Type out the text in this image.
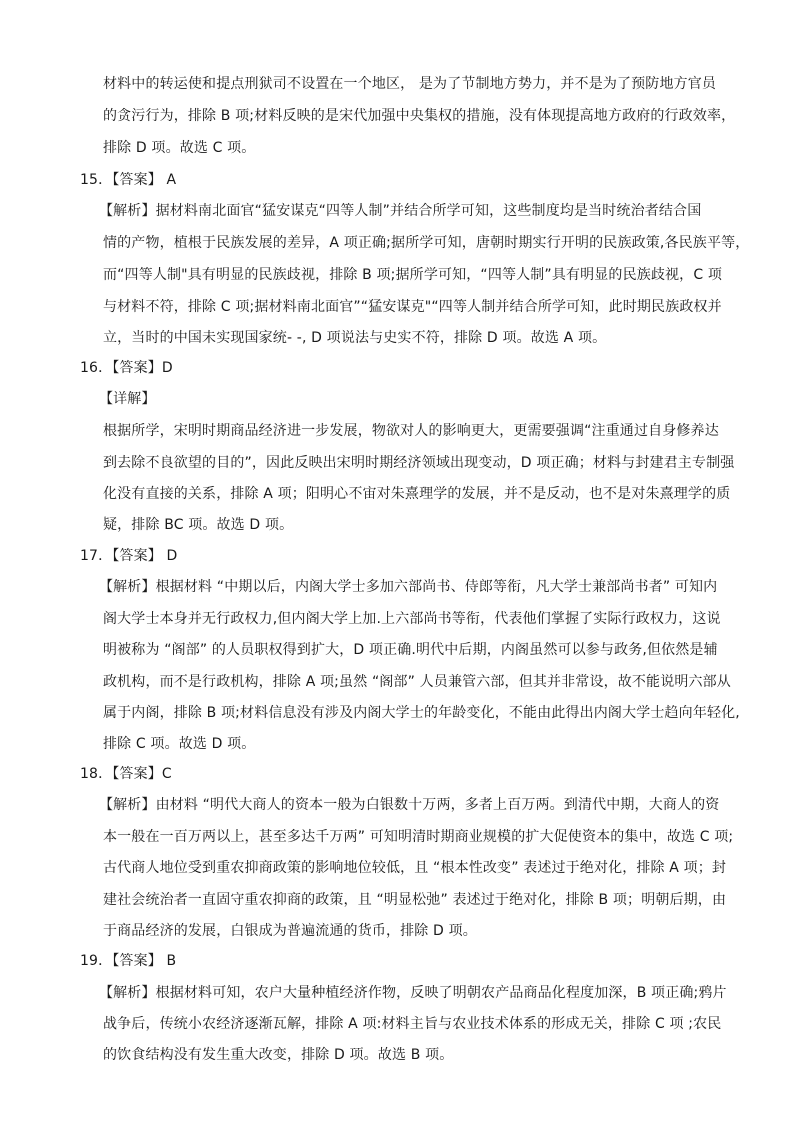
材料中的转运使和提点刑狱司不设置在一个地区， 是为了节制地方势力，并不是为了预防地方官员
的贪污行为，排除 B 项;材料反映的是宋代加强中央集权的措施，没有体现提高地方政府的行政效率，
排除 D 项。故选 C 项。
15．【答案】 A
【解析】据材料南北面官“猛安谋克“四等人制”并结合所学可知，这些制度均是当时统治者结合国
情的产物，植根于民族发展的差异，A 项正确;据所学可知，唐朝时期实行开明的民族政策,各民族平等，
而“四等人制"具有明显的民族歧视，排除 B 项;据所学可知，“四等人制”具有明显的民族歧视，C 项
与材料不符，排除 C 项;据材料南北面官”“猛安谋克"“四等人制并结合所学可知，此时期民族政权并
立，当时的中国未实现国家统- -, D 项说法与史实不符，排除 D 项。故选 A 项。
16．【答案】D
【详解】
根据所学，宋明时期商品经济进一步发展，物欲对人的影响更大，更需要强调“注重通过自身修养达
到去除不良欲望的目的”，因此反映出宋明时期经济领域出现变动，D 项正确；材料与封建君主专制强
化没有直接的关系，排除 A 项；阳明心不宙对朱熹理学的发展，并不是反动，也不是对朱熹理学的质
疑，排除 BC 项。故选 D 项。
17．【答案】 D
【解析】根据材料 “中期以后，内阁大学士多加六部尚书、侍郎等衔，凡大学士兼部尚书者” 可知内
阁大学士本身并无行政权力,但内阁大学上加.上六部尚书等衔，代表他们掌握了实际行政权力，这说
明被称为 “阁部” 的人员职权得到扩大，D 项正确.明代中后期，内阁虽然可以参与政务,但依然是辅
政机构，而不是行政机构，排除 A 项;虽然 “阁部” 人员兼管六部，但其并非常设，故不能说明六部从
属于内阁，排除 B 项;材料信息没有涉及内阁大学士的年龄变化，不能由此得出内阁大学士趋向年轻化,
排除 C 项。故选 D 项。
18．【答案】C
【解析】由材料 “明代大商人的资本一般为白银数十万两，多者上百万两。到清代中期，大商人的资
本一般在一百万两以上，甚至多达千万两” 可知明清时期商业规模的扩大促使资本的集中，故选 C 项;
古代商人地位受到重农抑商政策的影响地位较低，且 “根本性改变” 表述过于绝对化，排除 A 项；封
建社会统治者一直固守重农抑商的政策，且 “明显松弛” 表述过于绝对化，排除 B 项；明朝后期，由
于商品经济的发展，白银成为普遍流通的货币，排除 D 项。
19．【答案】 B
【解析】根据材料可知，农户大量种植经济作物，反映了明朝农产品商品化程度加深，B 项正确;鸦片
战争后，传统小农经济逐渐瓦解，排除 A 项:材料主旨与农业技术体系的形成无关，排除 C 项 ;农民
的饮食结构没有发生重大改变，排除 D 项。故选 B 项。
